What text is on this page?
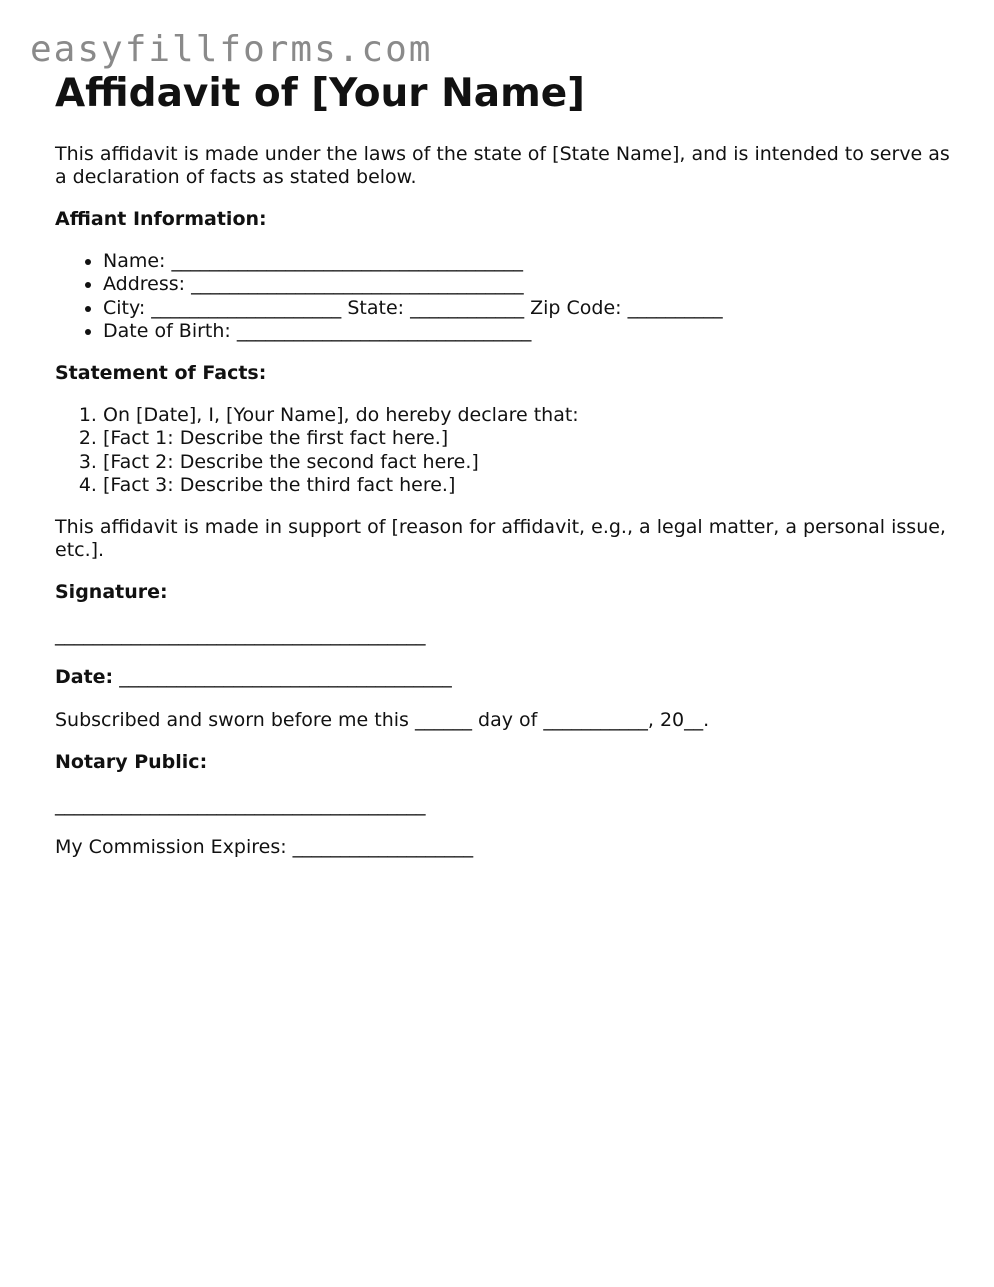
easyfillforms.com
Affidavit of [Your Name]

This affidavit is made under the laws of the state of [State Name], and is intended to serve as a declaration of facts as stated below.

Affiant Information:

• Name: _____________________________________
• Address: ___________________________________
• City: ____________________ State: ____________ Zip Code: __________
• Date of Birth: _______________________________

Statement of Facts:

1. On [Date], I, [Your Name], do hereby declare that:
2. [Fact 1: Describe the first fact here.]
3. [Fact 2: Describe the second fact here.]
4. [Fact 3: Describe the third fact here.]

This affidavit is made in support of [reason for affidavit, e.g., a legal matter, a personal issue, etc.].

Signature:

_______________________________________

Date: ___________________________________

Subscribed and sworn before me this ______ day of ___________, 20__.

Notary Public:

_______________________________________

My Commission Expires: ___________________
